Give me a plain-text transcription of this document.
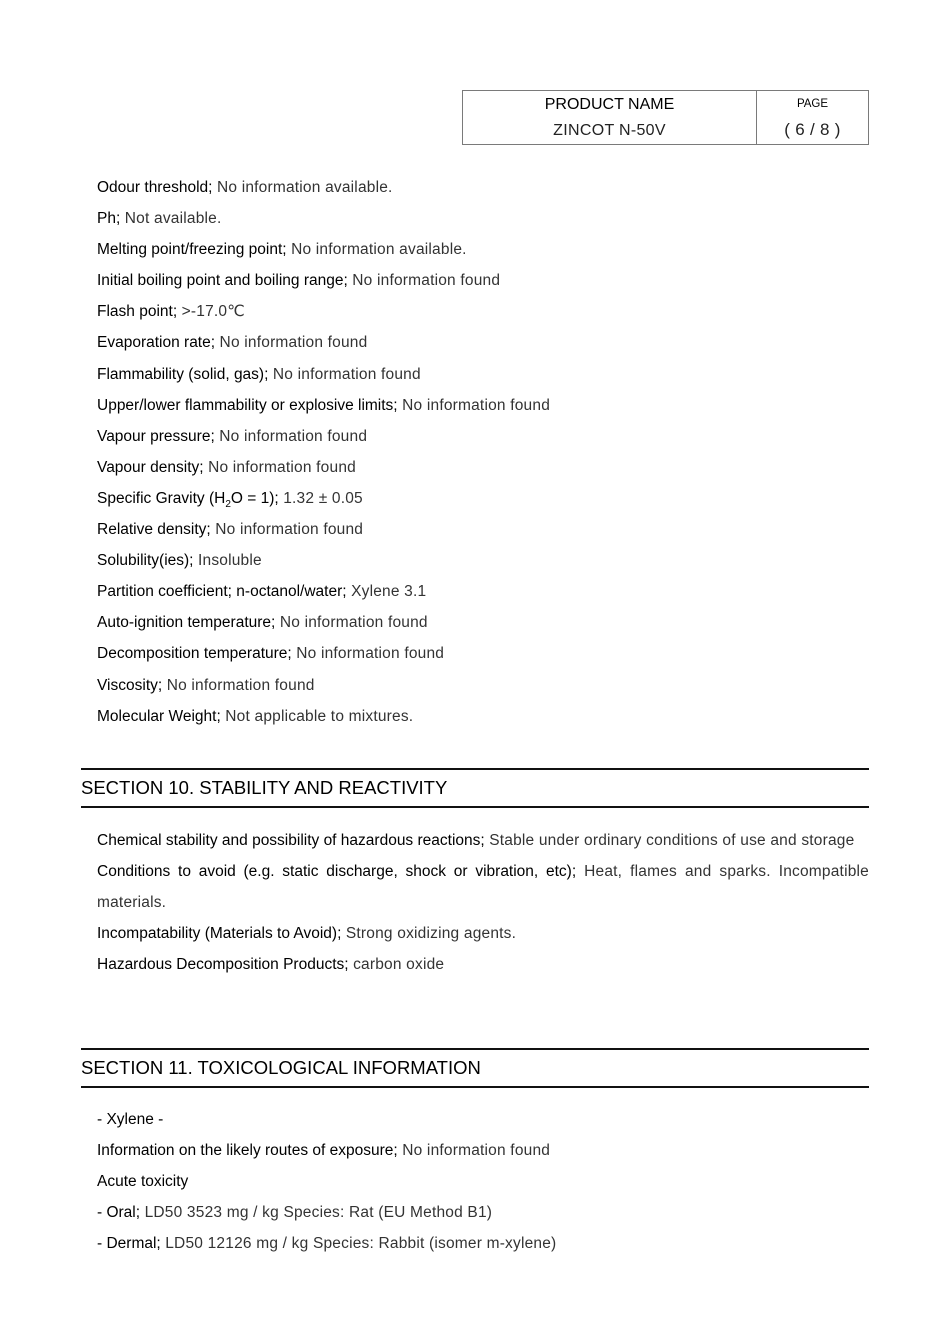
PRODUCT NAME
ZINCOT N-50V
PAGE
( 6 / 8 )
Odour threshold; No information available.
Ph; Not available.
Melting point/freezing point; No information available.
Initial boiling point and boiling range; No information found
Flash point; >-17.0℃
Evaporation rate; No information found
Flammability (solid, gas); No information found
Upper/lower flammability or explosive limits; No information found
Vapour pressure; No information found
Vapour density; No information found
Specific Gravity $(H_2O = 1)$; 1.32 ± 0.05
Relative density; No information found
Solubility(ies); Insoluble
Partition coefficient; n-octanol/water; Xylene 3.1
Auto-ignition temperature; No information found
Decomposition temperature; No information found
Viscosity; No information found
Molecular Weight; Not applicable to mixtures.
SECTION 10. STABILITY AND REACTIVITY
Chemical stability and possibility of hazardous reactions; Stable under ordinary conditions of use and storage
Conditions to avoid (e.g. static discharge, shock or vibration, etc); Heat, flames and sparks. Incompatible materials.
Incompatability (Materials to Avoid); Strong oxidizing agents.
Hazardous Decomposition Products; carbon oxide
SECTION 11. TOXICOLOGICAL INFORMATION
- Xylene -
Information on the likely routes of exposure; No information found
Acute toxicity
- Oral; LD50 3523 mg / kg Species: Rat (EU Method B1)
- Dermal; LD50 12126 mg / kg Species: Rabbit (isomer m-xylene)
